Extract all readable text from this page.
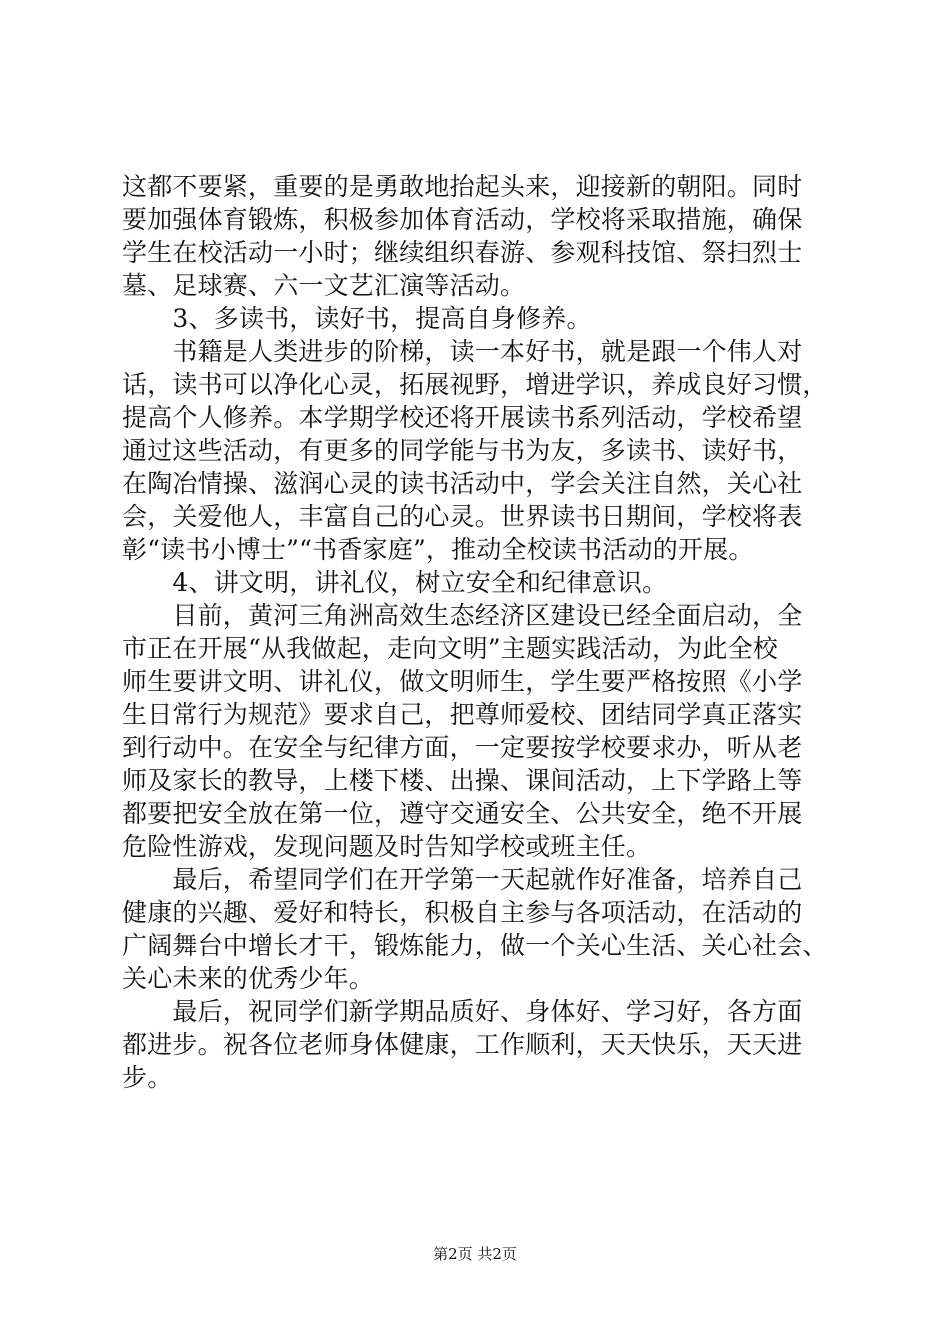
这都不要紧，重要的是勇敢地抬起头来，迎接新的朝阳。同时
要加强体育锻炼，积极参加体育活动，学校将采取措施，确保
学生在校活动一小时；继续组织春游、参观科技馆、祭扫烈士
墓、足球赛、六一文艺汇演等活动。
　　3、多读书，读好书，提高自身修养。
　　书籍是人类进步的阶梯，读一本好书，就是跟一个伟人对
话，读书可以净化心灵，拓展视野，增进学识，养成良好习惯，
提高个人修养。本学期学校还将开展读书系列活动，学校希望
通过这些活动，有更多的同学能与书为友，多读书、读好书，
在陶冶情操、滋润心灵的读书活动中，学会关注自然，关心社
会，关爱他人，丰富自己的心灵。世界读书日期间，学校将表
彰“读书小博士”“书香家庭”，推动全校读书活动的开展。
　　4、讲文明，讲礼仪，树立安全和纪律意识。
　　目前，黄河三角洲高效生态经济区建设已经全面启动，全
市正在开展“从我做起，走向文明”主题实践活动，为此全校
师生要讲文明、讲礼仪，做文明师生，学生要严格按照《小学
生日常行为规范》要求自己，把尊师爱校、团结同学真正落实
到行动中。在安全与纪律方面，一定要按学校要求办，听从老
师及家长的教导，上楼下楼、出操、课间活动，上下学路上等
都要把安全放在第一位，遵守交通安全、公共安全，绝不开展
危险性游戏，发现问题及时告知学校或班主任。
　　最后，希望同学们在开学第一天起就作好准备，培养自己
健康的兴趣、爱好和特长，积极自主参与各项活动，在活动的
广阔舞台中增长才干，锻炼能力，做一个关心生活、关心社会、
关心未来的优秀少年。
　　最后，祝同学们新学期品质好、身体好、学习好，各方面
都进步。祝各位老师身体健康，工作顺利，天天快乐，天天进
步。
第2页 共2页
